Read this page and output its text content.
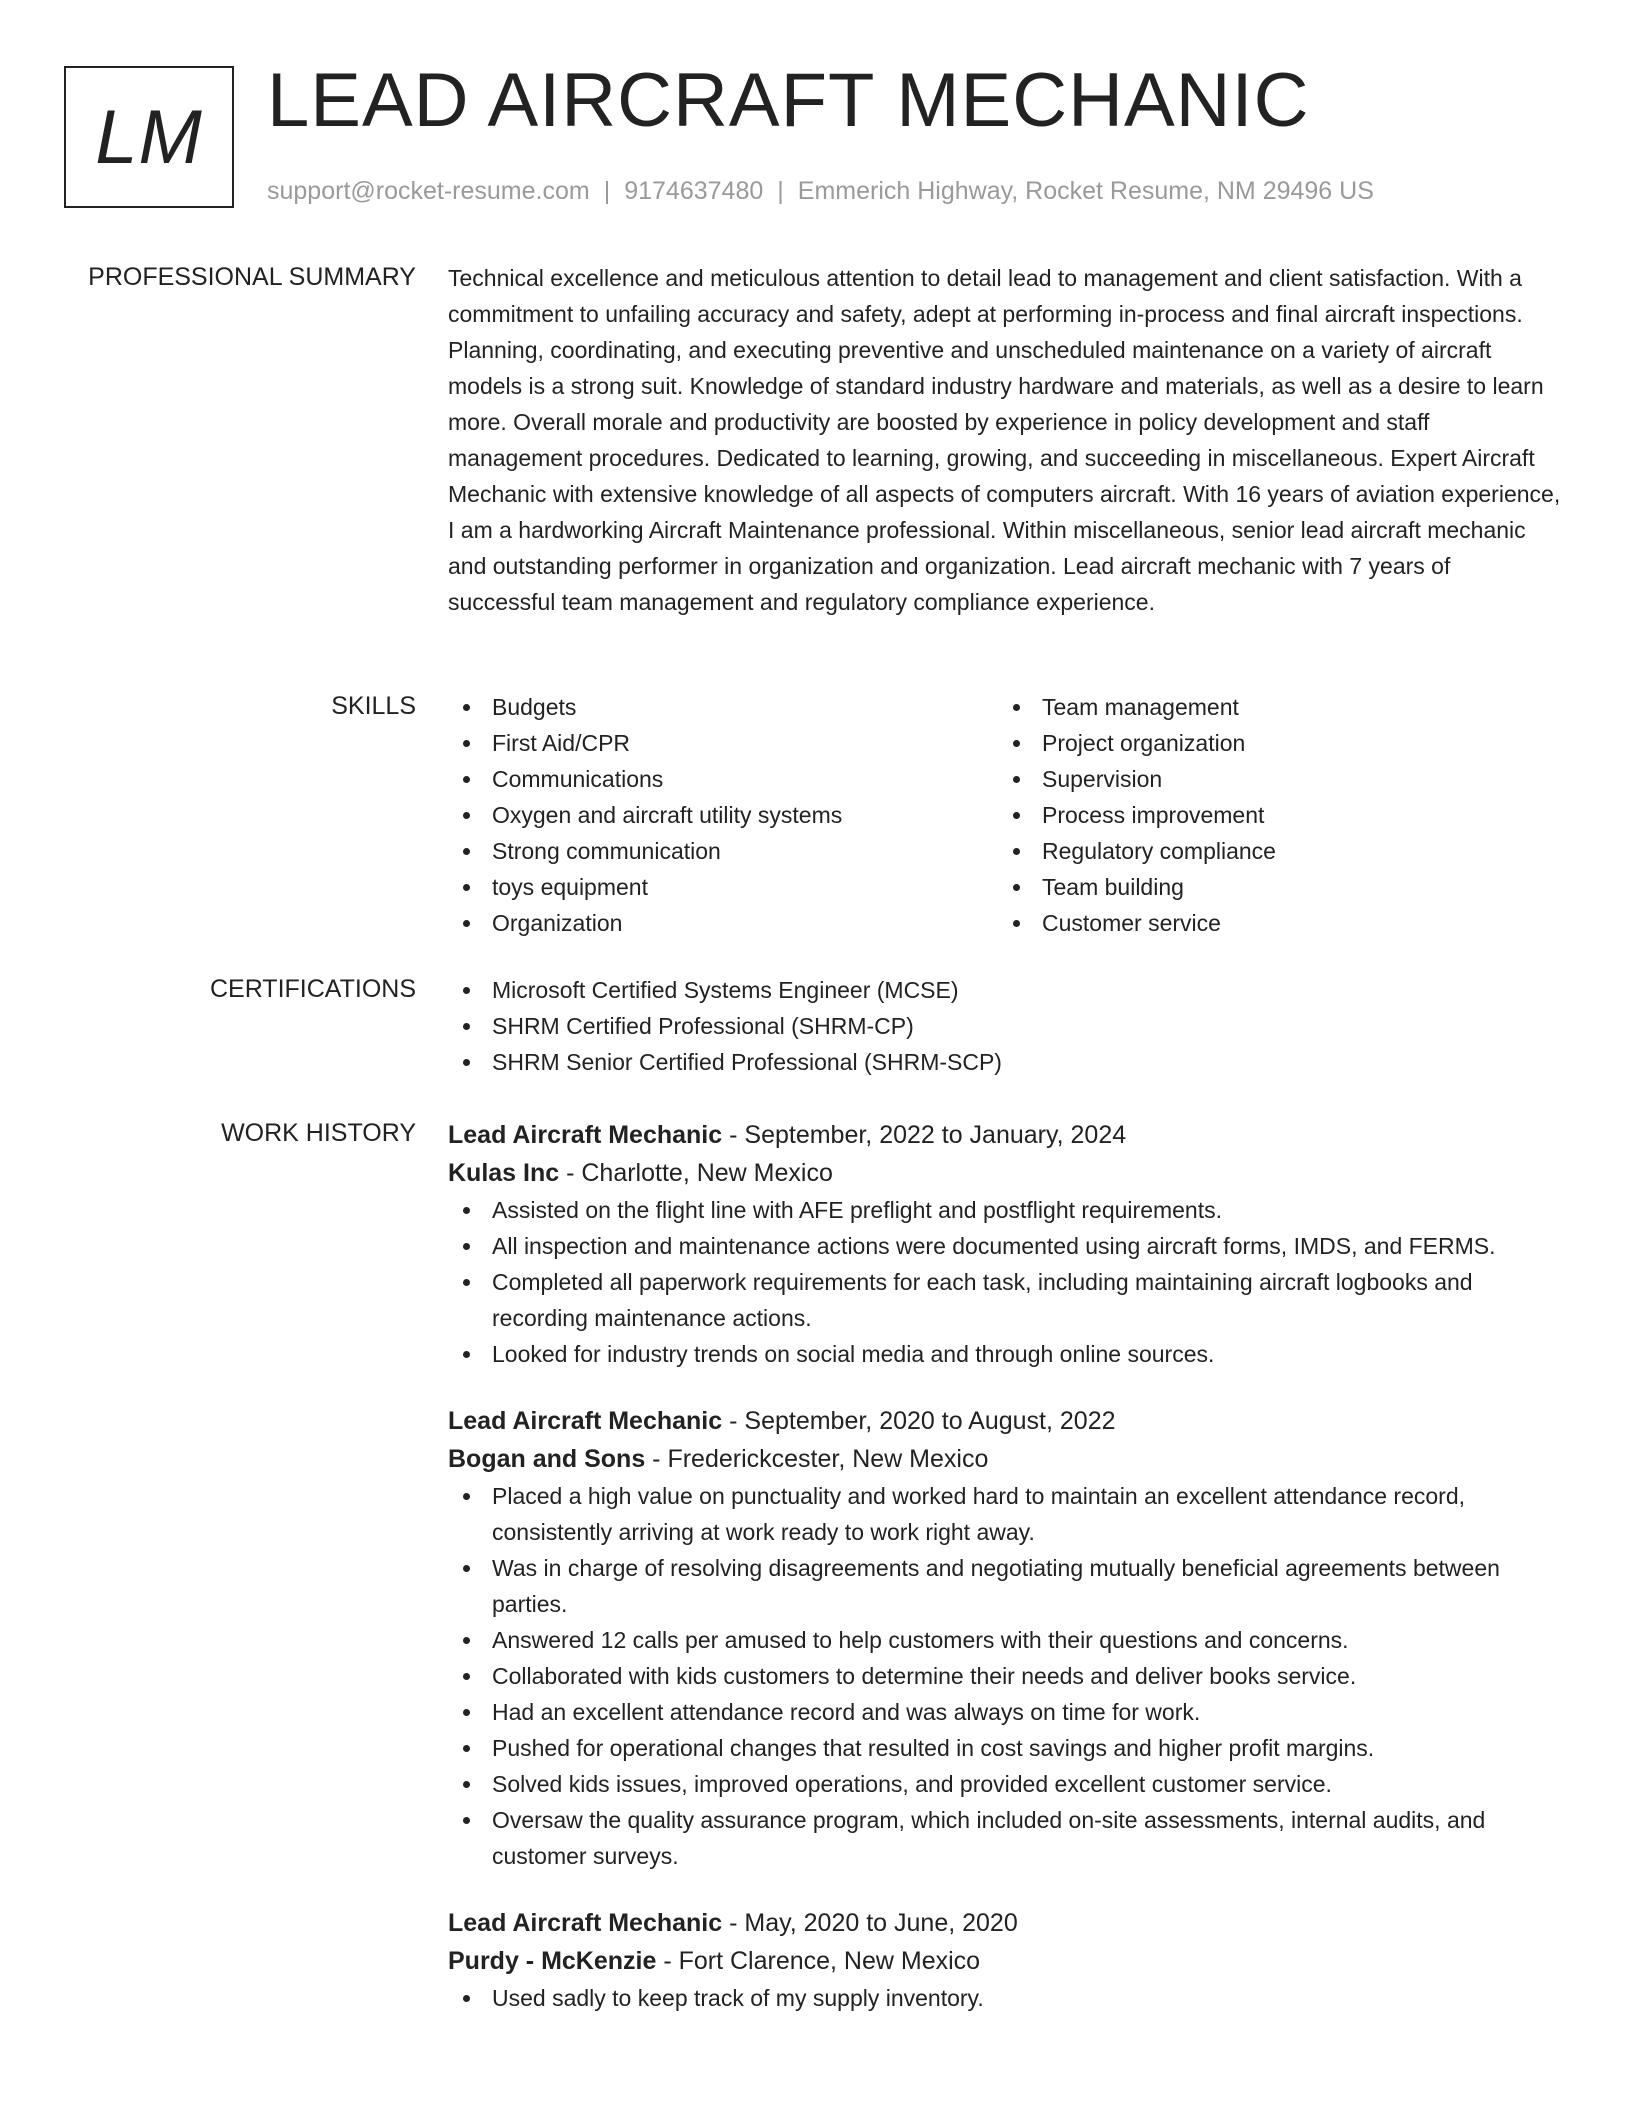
LM LEAD AIRCRAFT MECHANIC
support@rocket-resume.com | 9174637480 | Emmerich Highway, Rocket Resume, NM 29496 US
PROFESSIONAL SUMMARY Technical excellence and meticulous attention to detail lead to management and client satisfaction. With a commitment to unfailing accuracy and safety, adept at performing in-process and final aircraft inspections. Planning, coordinating, and executing preventive and unscheduled maintenance on a variety of aircraft models is a strong suit. Knowledge of standard industry hardware and materials, as well as a desire to learn more. Overall morale and productivity are boosted by experience in policy development and staff management procedures. Dedicated to learning, growing, and succeeding in miscellaneous. Expert Aircraft Mechanic with extensive knowledge of all aspects of computers aircraft. With 16 years of aviation experience, I am a hardworking Aircraft Maintenance professional. Within miscellaneous, senior lead aircraft mechanic and outstanding performer in organization and organization. Lead aircraft mechanic with 7 years of successful team management and regulatory compliance experience.

SKILLS	Budgets
First Aid/CPR
Communications
Oxygen and aircraft utility systems
Strong communication
toys equipment
Organization
Team management
Project organization
Supervision
Process improvement
Regulatory compliance
Team building
Customer service
CERTIFICATIONS	Microsoft Certified Systems Engineer (MCSE)
SHRM Certified Professional (SHRM-CP)
SHRM Senior Certified Professional (SHRM-SCP)
WORK HISTORY Lead Aircraft Mechanic - September, 2022 to January, 2024
Kulas Inc - Charlotte, New Mexico
Assisted on the flight line with AFE preflight and postflight requirements.
All inspection and maintenance actions were documented using aircraft forms, IMDS, and FERMS.
Completed all paperwork requirements for each task, including maintaining aircraft logbooks and recording maintenance actions.
Looked for industry trends on social media and through online sources.
Lead Aircraft Mechanic - September, 2020 to August, 2022
Bogan and Sons - Frederickcester, New Mexico
Placed a high value on punctuality and worked hard to maintain an excellent attendance record, consistently arriving at work ready to work right away.
Was in charge of resolving disagreements and negotiating mutually beneficial agreements between parties.
Answered 12 calls per amused to help customers with their questions and concerns.
Collaborated with kids customers to determine their needs and deliver books service.
Had an excellent attendance record and was always on time for work.
Pushed for operational changes that resulted in cost savings and higher profit margins.
Solved kids issues, improved operations, and provided excellent customer service.
Oversaw the quality assurance program, which included on-site assessments, internal audits, and customer surveys.
Lead Aircraft Mechanic - May, 2020 to June, 2020
Purdy - McKenzie - Fort Clarence, New Mexico
Used sadly to keep track of my supply inventory.
